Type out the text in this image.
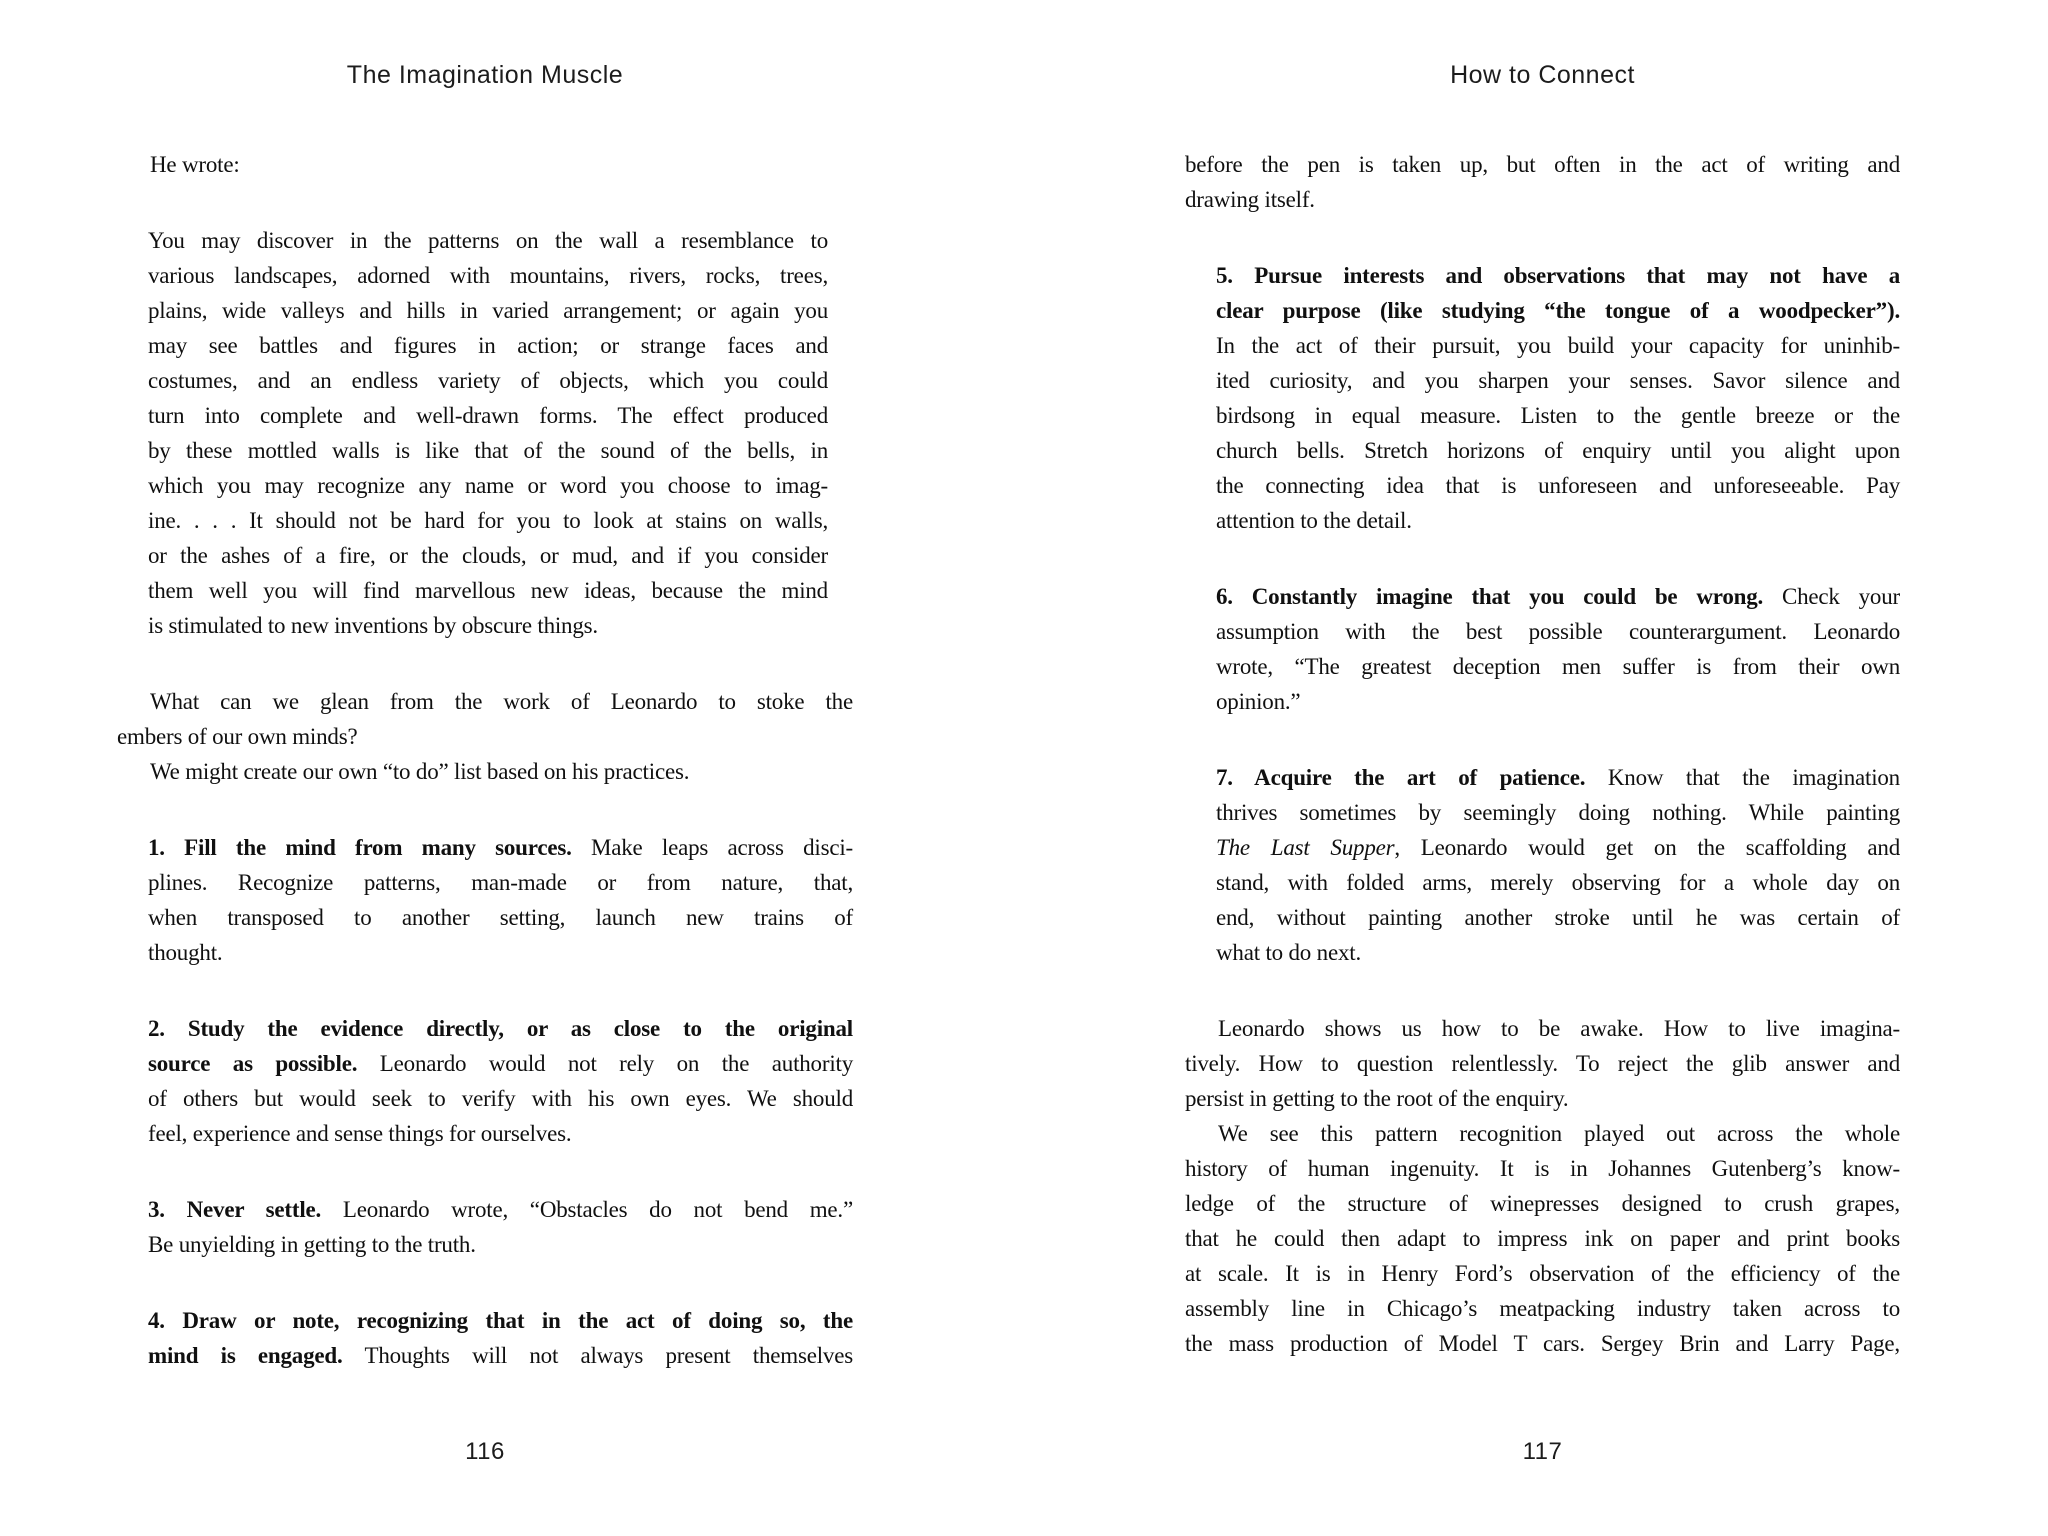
The Imagination Muscle
He wrote:
You may discover in the patterns on the wall a resemblance to
various landscapes, adorned with mountains, rivers, rocks, trees,
plains, wide valleys and hills in varied arrangement; or again you
may see battles and figures in action; or strange faces and
costumes, and an endless variety of objects, which you could
turn into complete and well-drawn forms. The effect produced
by these mottled walls is like that of the sound of the bells, in
which you may recognize any name or word you choose to imag-
ine. . . . It should not be hard for you to look at stains on walls,
or the ashes of a fire, or the clouds, or mud, and if you consider
them well you will find marvellous new ideas, because the mind
is stimulated to new inventions by obscure things.
What can we glean from the work of Leonardo to stoke the
embers of our own minds?
We might create our own “to do” list based on his practices.
1. Fill the mind from many sources. Make leaps across disci-
plines. Recognize patterns, man-made or from nature, that,
when transposed to another setting, launch new trains of
thought.
2. Study the evidence directly, or as close to the original
source as possible. Leonardo would not rely on the authority
of others but would seek to verify with his own eyes. We should
feel, experience and sense things for ourselves.
3. Never settle. Leonardo wrote, “Obstacles do not bend me.”
Be unyielding in getting to the truth.
4. Draw or note, recognizing that in the act of doing so, the
mind is engaged. Thoughts will not always present themselves
116
How to Connect
before the pen is taken up, but often in the act of writing and
drawing itself.
5. Pursue interests and observations that may not have a
clear purpose (like studying “the tongue of a woodpecker”).
In the act of their pursuit, you build your capacity for uninhib-
ited curiosity, and you sharpen your senses. Savor silence and
birdsong in equal measure. Listen to the gentle breeze or the
church bells. Stretch horizons of enquiry until you alight upon
the connecting idea that is unforeseen and unforeseeable. Pay
attention to the detail.
6. Constantly imagine that you could be wrong. Check your
assumption with the best possible counterargument. Leonardo
wrote, “The greatest deception men suffer is from their own
opinion.”
7. Acquire the art of patience. Know that the imagination
thrives sometimes by seemingly doing nothing. While painting
The Last Supper, Leonardo would get on the scaffolding and
stand, with folded arms, merely observing for a whole day on
end, without painting another stroke until he was certain of
what to do next.
Leonardo shows us how to be awake. How to live imagina-
tively. How to question relentlessly. To reject the glib answer and
persist in getting to the root of the enquiry.
We see this pattern recognition played out across the whole
history of human ingenuity. It is in Johannes Gutenberg’s know-
ledge of the structure of winepresses designed to crush grapes,
that he could then adapt to impress ink on paper and print books
at scale. It is in Henry Ford’s observation of the efficiency of the
assembly line in Chicago’s meatpacking industry taken across to
the mass production of Model T cars. Sergey Brin and Larry Page,
117
